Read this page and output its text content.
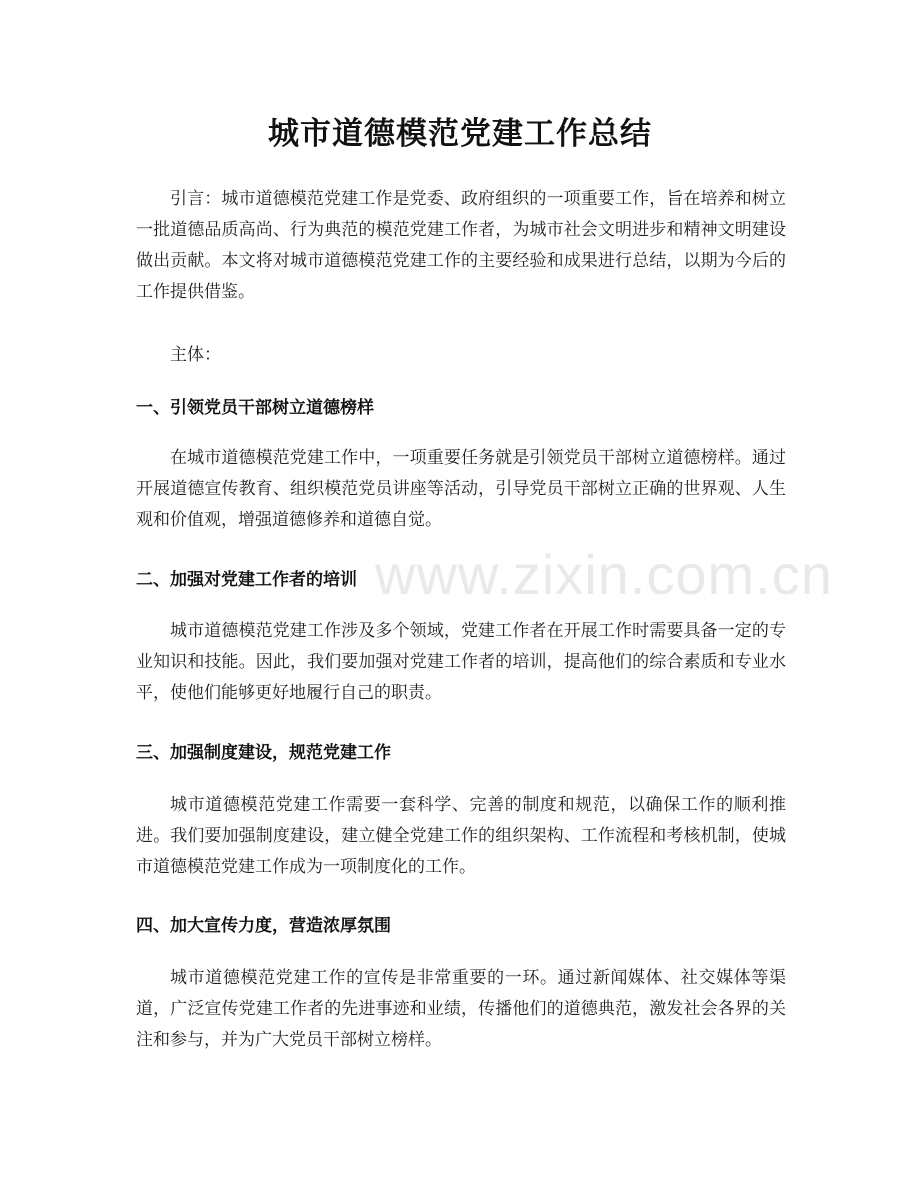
城市道德模范党建工作总结

引言：城市道德模范党建工作是党委、政府组织的一项重要工作，旨在培养和树立一批道德品质高尚、行为典范的模范党建工作者，为城市社会文明进步和精神文明建设做出贡献。本文将对城市道德模范党建工作的主要经验和成果进行总结，以期为今后的工作提供借鉴。

主体：

一、引领党员干部树立道德榜样

在城市道德模范党建工作中，一项重要任务就是引领党员干部树立道德榜样。通过开展道德宣传教育、组织模范党员讲座等活动，引导党员干部树立正确的世界观、人生观和价值观，增强道德修养和道德自觉。

二、加强对党建工作者的培训

城市道德模范党建工作涉及多个领域，党建工作者在开展工作时需要具备一定的专业知识和技能。因此，我们要加强对党建工作者的培训，提高他们的综合素质和专业水平，使他们能够更好地履行自己的职责。

三、加强制度建设，规范党建工作

城市道德模范党建工作需要一套科学、完善的制度和规范，以确保工作的顺利推进。我们要加强制度建设，建立健全党建工作的组织架构、工作流程和考核机制，使城市道德模范党建工作成为一项制度化的工作。

四、加大宣传力度，营造浓厚氛围

城市道德模范党建工作的宣传是非常重要的一环。通过新闻媒体、社交媒体等渠道，广泛宣传党建工作者的先进事迹和业绩，传播他们的道德典范，激发社会各界的关注和参与，并为广大党员干部树立榜样。

www.zixin.com.cn
